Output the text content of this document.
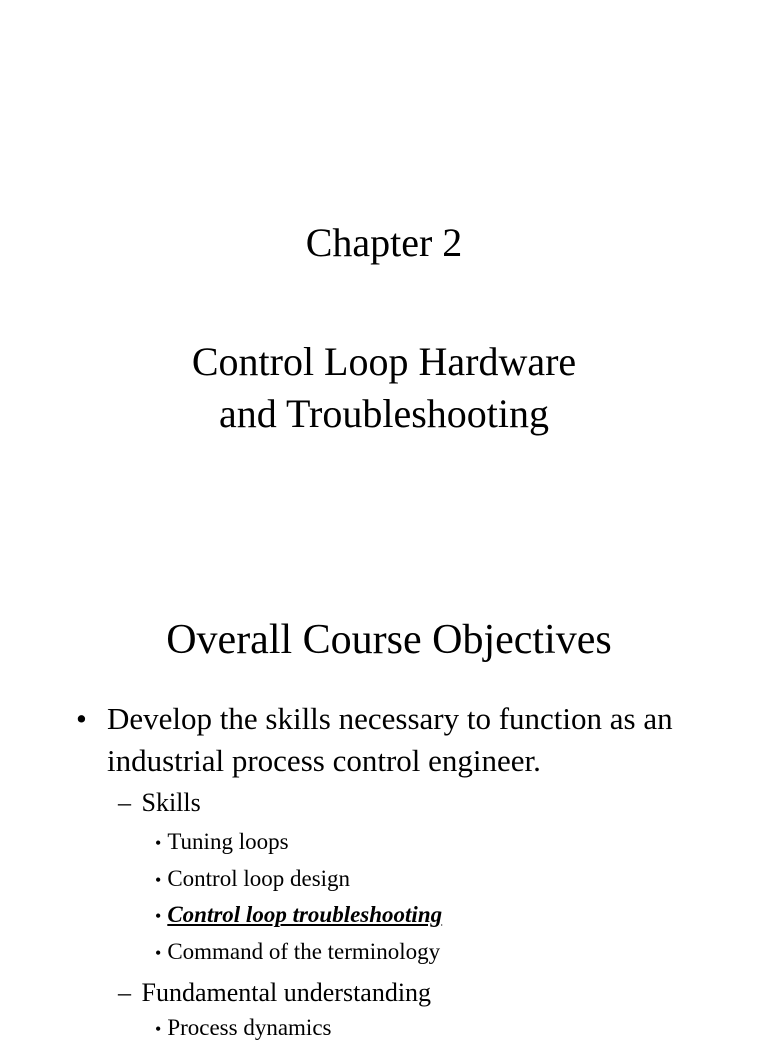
Chapter 2
Control Loop Hardware
and Troubleshooting
Overall Course Objectives
• Develop the skills necessary to function as an industrial process control engineer.
– Skills
• Tuning loops
• Control loop design
• Control loop troubleshooting
• Command of the terminology
– Fundamental understanding
• Process dynamics
